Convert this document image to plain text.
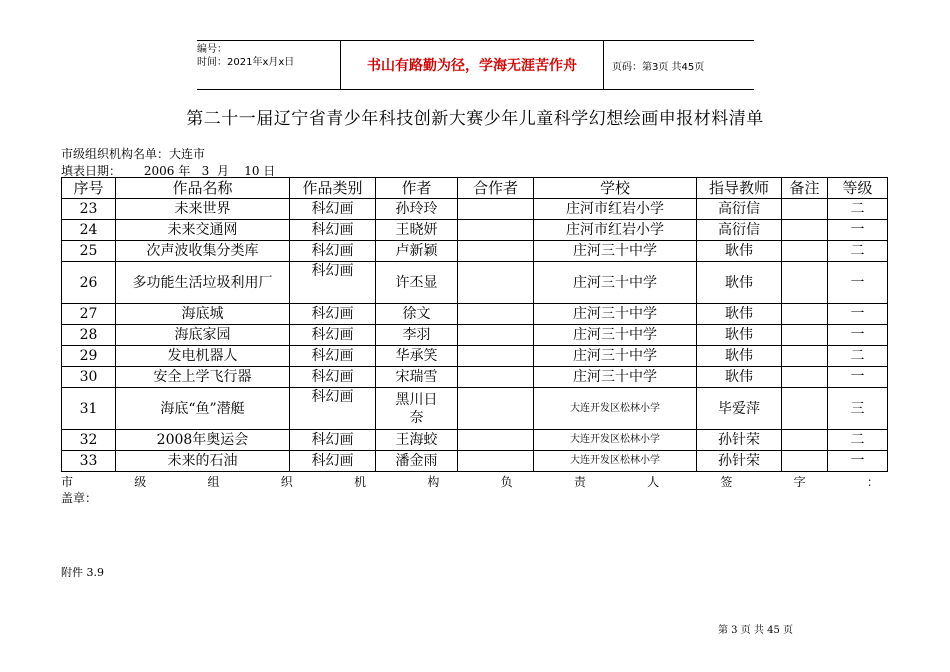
编号：
时间：2021年x月x日	书山有路勤为径，学海无涯苦作舟	页码：第3页 共45页
第二十一届辽宁省青少年科技创新大赛少年儿童科学幻想绘画申报材料清单
市级组织机构名单：大连市
填表日期：      2006 年   3  月    10 日
序号	作品名称	作品类别	作者	合作者	学校	指导教师	备注	等级
23	未来世界	科幻画	孙玲玲		庄河市红岩小学	高衍信		二
24	未来交通网	科幻画	王晓妍		庄河市红岩小学	高衍信		一
25	次声波收集分类库	科幻画	卢新颖		庄河三十中学	耿伟		二
26	多功能生活垃圾利用厂	科幻画	许丕显		庄河三十中学	耿伟		一
27	海底城	科幻画	徐文		庄河三十中学	耿伟		一
28	海底家园	科幻画	李羽		庄河三十中学	耿伟		一
29	发电机器人	科幻画	华承笑		庄河三十中学	耿伟		二
30	安全上学飞行器	科幻画	宋瑞雪		庄河三十中学	耿伟		一
31	海底“鱼”潜艇	科幻画	黑川日奈		大连开发区松林小学	毕爱萍		三
32	2008年奥运会	科幻画	王海蛟		大连开发区松林小学	孙针荣		二
33	未来的石油	科幻画	潘金雨		大连开发区松林小学	孙针荣		一
市	级	组	织	机	构	负	责	人	签	字	：
盖章：
附件 3.9
第 3 页 共 45 页
